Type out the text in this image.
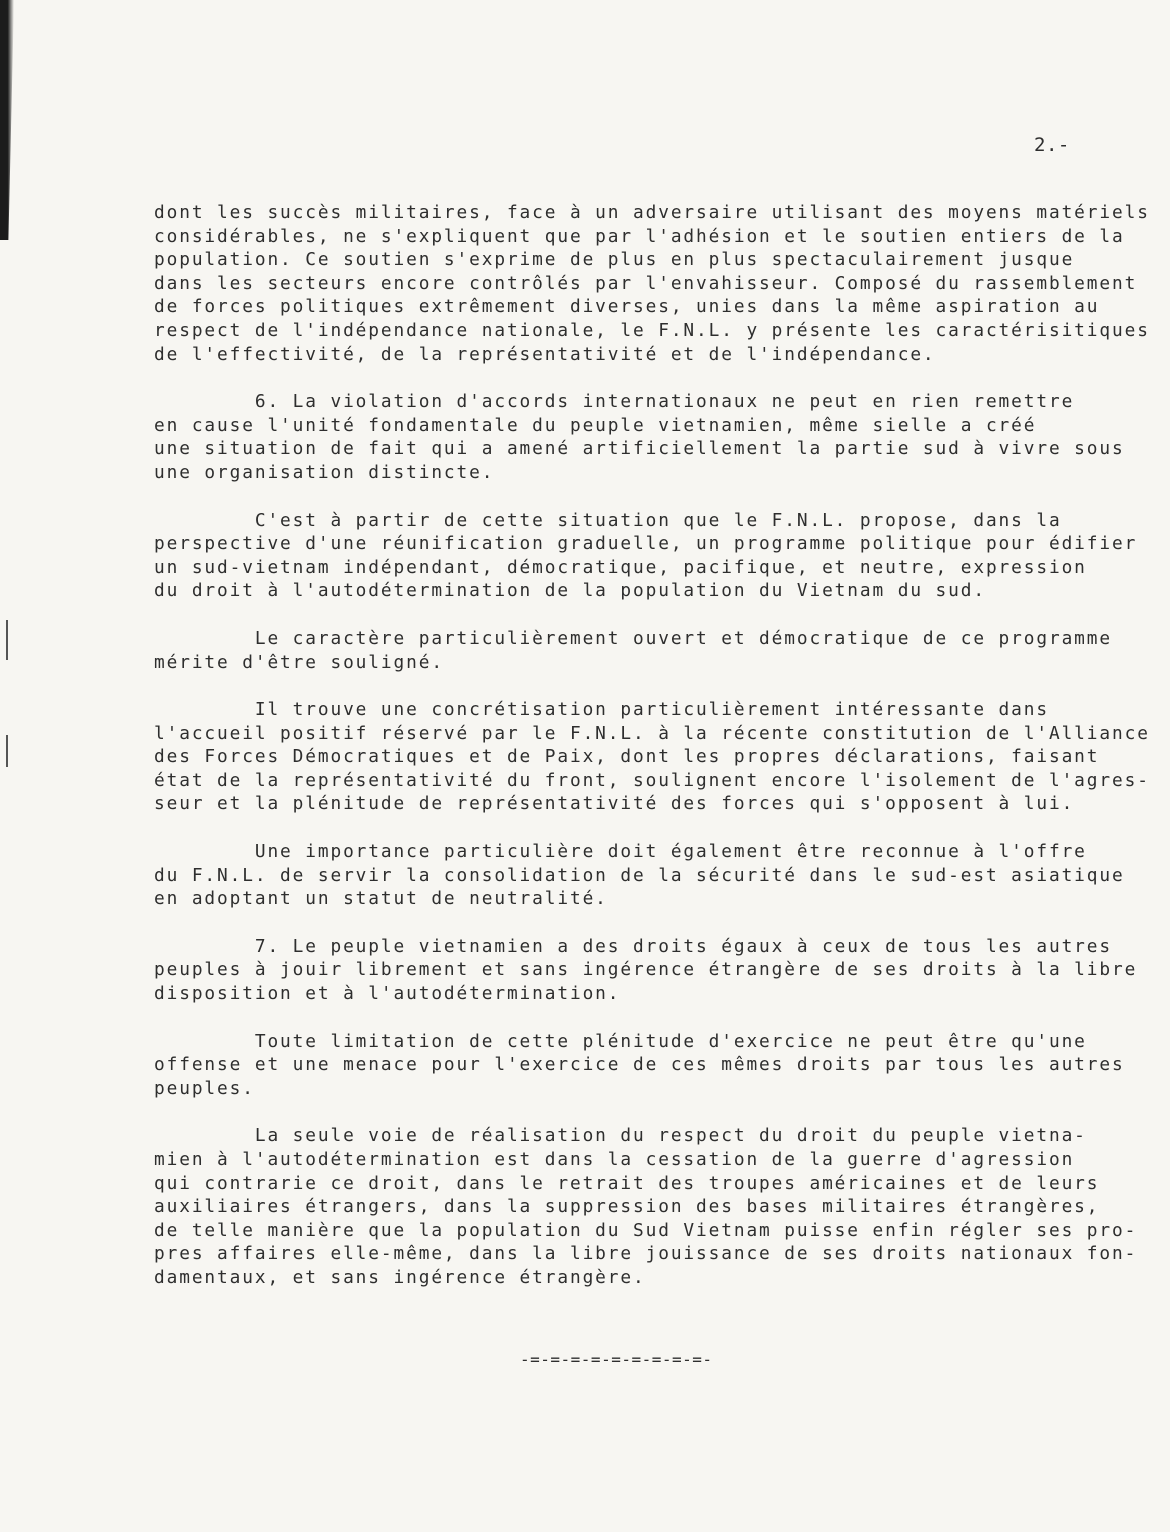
2.-

dont les succès militaires, face à un adversaire utilisant des moyens matériels
considérables, ne s'expliquent que par l'adhésion et le soutien entiers de la
population. Ce soutien s'exprime de plus en plus spectaculairement jusque
dans les secteurs encore contrôlés par l'envahisseur. Composé du rassemblement
de forces politiques extrêmement diverses, unies dans la même aspiration au
respect de l'indépendance nationale, le F.N.L. y présente les caractérisitiques
de l'effectivité, de la représentativité et de l'indépendance.

6. La violation d'accords internationaux ne peut en rien remettre
en cause l'unité fondamentale du peuple vietnamien, même sielle a créé
une situation de fait qui a amené artificiellement la partie sud à vivre sous
une organisation distincte.

C'est à partir de cette situation que le F.N.L. propose, dans la
perspective d'une réunification graduelle, un programme politique pour édifier
un sud-vietnam indépendant, démocratique, pacifique, et neutre, expression
du droit à l'autodétermination de la population du Vietnam du sud.

Le caractère particulièrement ouvert et démocratique de ce programme
mérite d'être souligné.

Il trouve une concrétisation particulièrement intéressante dans
l'accueil positif réservé par le F.N.L. à la récente constitution de l'Alliance
des Forces Démocratiques et de Paix, dont les propres déclarations, faisant
état de la représentativité du front, soulignent encore l'isolement de l'agres-
seur et la plénitude de représentativité des forces qui s'opposent à lui.

Une importance particulière doit également être reconnue à l'offre
du F.N.L. de servir la consolidation de la sécurité dans le sud-est asiatique
en adoptant un statut de neutralité.

7. Le peuple vietnamien a des droits égaux à ceux de tous les autres
peuples à jouir librement et sans ingérence étrangère de ses droits à la libre
disposition et à l'autodétermination.

Toute limitation de cette plénitude d'exercice ne peut être qu'une
offense et une menace pour l'exercice de ces mêmes droits par tous les autres
peuples.

La seule voie de réalisation du respect du droit du peuple vietna-
mien à l'autodétermination est dans la cessation de la guerre d'agression
qui contrarie ce droit, dans le retrait des troupes américaines et de leurs
auxiliaires étrangers, dans la suppression des bases militaires étrangères,
de telle manière que la population du Sud Vietnam puisse enfin régler ses pro-
pres affaires elle-même, dans la libre jouissance de ses droits nationaux fon-
damentaux, et sans ingérence étrangère.

-=-=-=-=-=-=-=-=-=-
